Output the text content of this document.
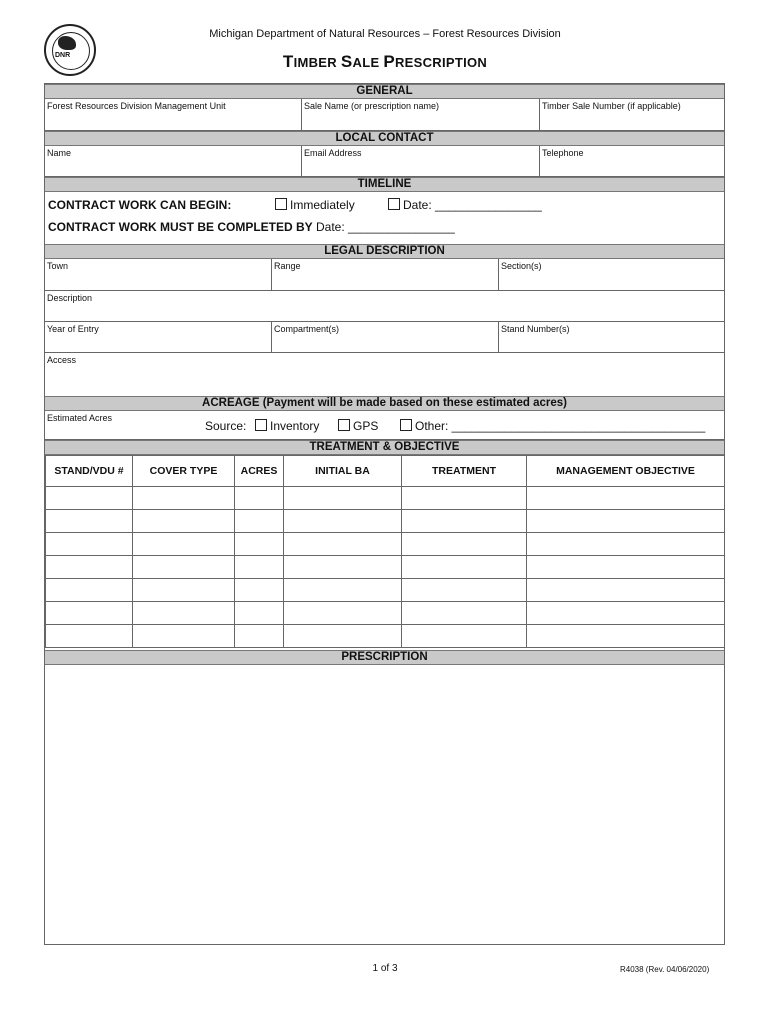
DNR
Michigan Department of Natural Resources – Forest Resources Division
TIMBER SALE PRESCRIPTION
GENERAL
Forest Resources Division Management Unit	Sale Name (or prescription name)	Timber Sale Number (if applicable)
LOCAL CONTACT
Name	Email Address	Telephone
TIMELINE
CONTRACT WORK CAN BEGIN:	Immediately	Date: ________________
CONTRACT WORK MUST BE COMPLETED BY Date: ________________
LEGAL DESCRIPTION
Town	Range	Section(s)
Description
Year of Entry	Compartment(s)	Stand Number(s)
Access
ACREAGE (Payment will be made based on these estimated acres)
Estimated Acres
Source:	Inventory	GPS	Other: ______________________________________
TREATMENT & OBJECTIVE
STAND/VDU #	COVER TYPE	ACRES	INITIAL BA	TREATMENT	MANAGEMENT OBJECTIVE

PRESCRIPTION
1 of 3	R4038 (Rev. 04/06/2020)
